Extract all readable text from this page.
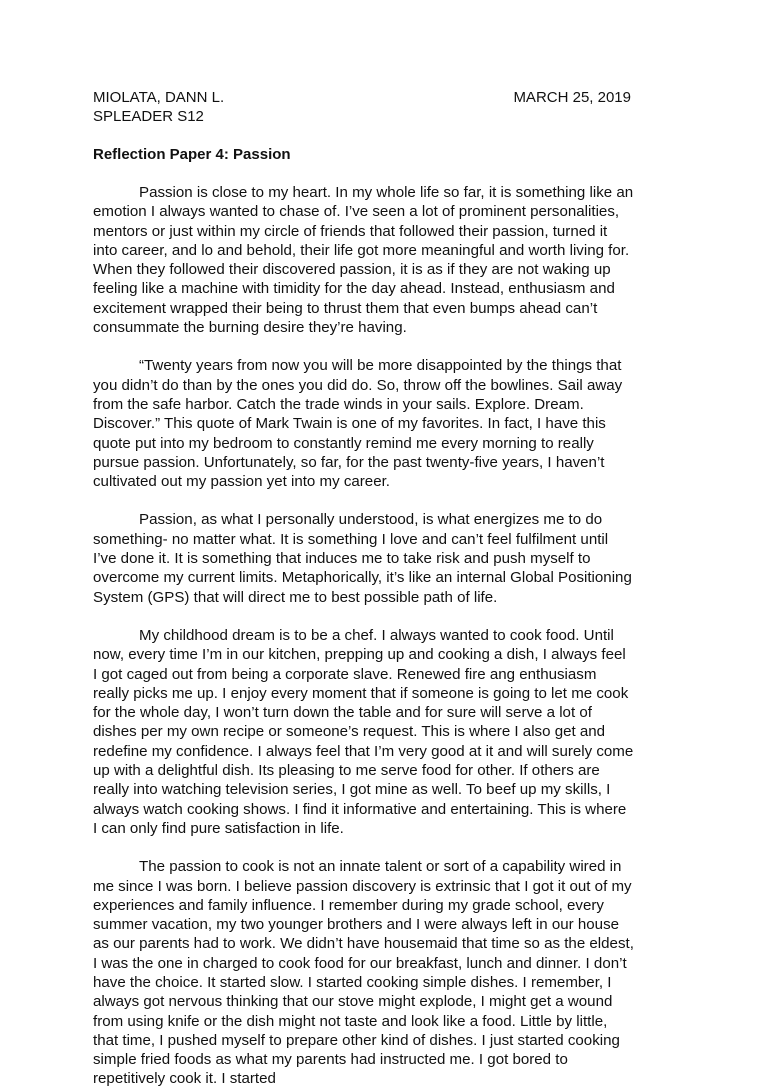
MIOLATA, DANN L.	MARCH 25, 2019
SPLEADER S12
Reflection Paper 4: Passion

Passion is close to my heart. In my whole life so far, it is something like an emotion I always wanted to chase of. I’ve seen a lot of prominent personalities, mentors or just within my circle of friends that followed their passion, turned it into career, and lo and behold, their life got more meaningful and worth living for. When they followed their discovered passion, it is as if they are not waking up feeling like a machine with timidity for the day ahead. Instead, enthusiasm and excitement wrapped their being to thrust them that even bumps ahead can’t consummate the burning desire they’re having.

“Twenty years from now you will be more disappointed by the things that you didn’t do than by the ones you did do. So, throw off the bowlines. Sail away from the safe harbor. Catch the trade winds in your sails. Explore. Dream. Discover.” This quote of Mark Twain is one of my favorites. In fact, I have this quote put into my bedroom to constantly remind me every morning to really pursue passion. Unfortunately, so far, for the past twenty-five years, I haven’t cultivated out my passion yet into my career.

Passion, as what I personally understood, is what energizes me to do something- no matter what. It is something I love and can’t feel fulfilment until I’ve done it. It is something that induces me to take risk and push myself to overcome my current limits. Metaphorically, it’s like an internal Global Positioning System (GPS) that will direct me to best possible path of life.

My childhood dream is to be a chef. I always wanted to cook food. Until now, every time I’m in our kitchen, prepping up and cooking a dish, I always feel I got caged out from being a corporate slave. Renewed fire ang enthusiasm really picks me up. I enjoy every moment that if someone is going to let me cook for the whole day, I won’t turn down the table and for sure will serve a lot of dishes per my own recipe or someone’s request. This is where I also get and redefine my confidence. I always feel that I’m very good at it and will surely come up with a delightful dish. Its pleasing to me serve food for other. If others are really into watching television series, I got mine as well. To beef up my skills, I always watch cooking shows. I find it informative and entertaining. This is where I can only find pure satisfaction in life.

The passion to cook is not an innate talent or sort of a capability wired in me since I was born. I believe passion discovery is extrinsic that I got it out of my experiences and family influence. I remember during my grade school, every summer vacation, my two younger brothers and I were always left in our house as our parents had to work. We didn’t have housemaid that time so as the eldest, I was the one in charged to cook food for our breakfast, lunch and dinner. I don’t have the choice. It started slow. I started cooking simple dishes. I remember, I always got nervous thinking that our stove might explode, I might get a wound from using knife or the dish might not taste and look like a food. Little by little, that time, I pushed myself to prepare other kind of dishes. I just started cooking simple fried foods as what my parents had instructed me. I got bored to repetitively cook it. I started
